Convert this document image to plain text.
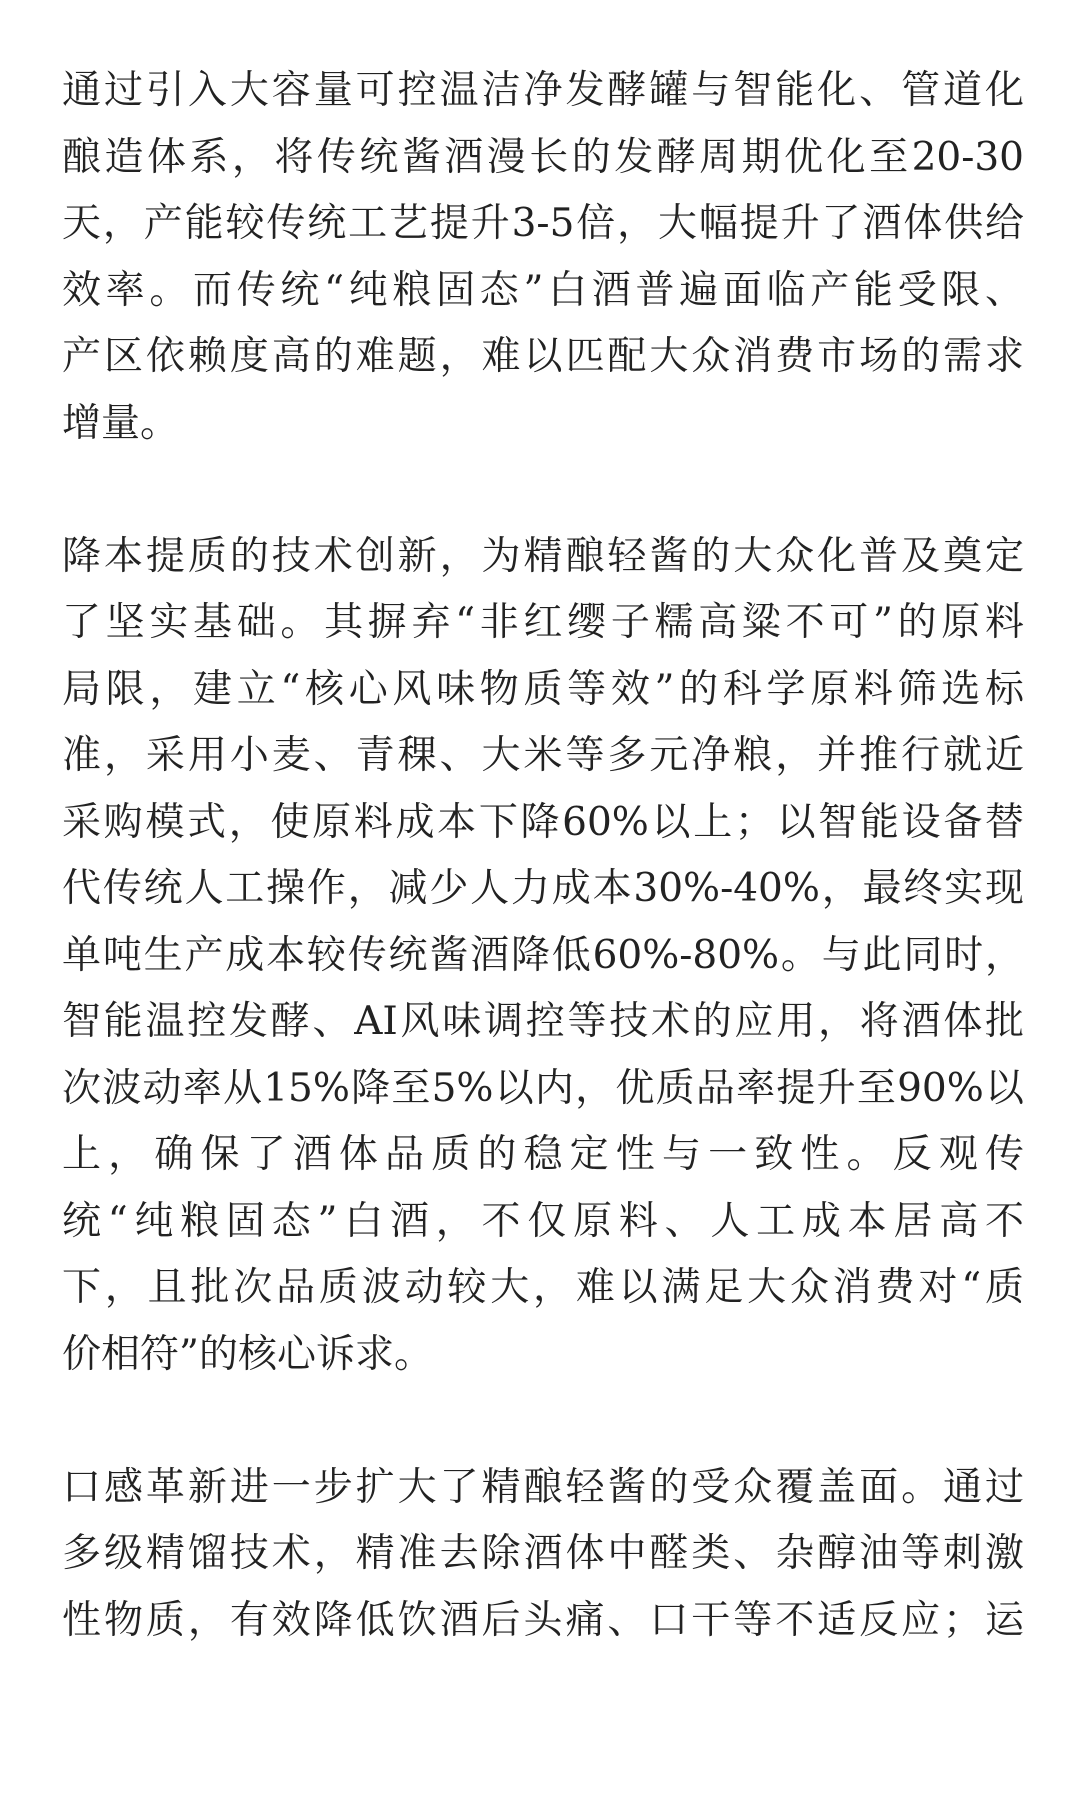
通过引入大容量可控温洁净发酵罐与智能化、管道化
酿造体系，将传统酱酒漫长的发酵周期优化至20-30
天，产能较传统工艺提升3-5倍，大幅提升了酒体供给
效率。而传统“纯粮固态”白酒普遍面临产能受限、
产区依赖度高的难题，难以匹配大众消费市场的需求
增量。
降本提质的技术创新，为精酿轻酱的大众化普及奠定
了坚实基础。其摒弃“非红缨子糯高粱不可”的原料
局限，建立“核心风味物质等效”的科学原料筛选标
准，采用小麦、青稞、大米等多元净粮，并推行就近
采购模式，使原料成本下降60%以上；以智能设备替
代传统人工操作，减少人力成本30%-40%，最终实现
单吨生产成本较传统酱酒降低60%-80%。与此同时，
智能温控发酵、AI风味调控等技术的应用，将酒体批
次波动率从15%降至5%以内，优质品率提升至90%以
上，确保了酒体品质的稳定性与一致性。反观传
统“纯粮固态”白酒，不仅原料、人工成本居高不
下，且批次品质波动较大，难以满足大众消费对“质
价相符”的核心诉求。
口感革新进一步扩大了精酿轻酱的受众覆盖面。通过
多级精馏技术，精准去除酒体中醛类、杂醇油等刺激
性物质，有效降低饮酒后头痛、口干等不适反应；运
